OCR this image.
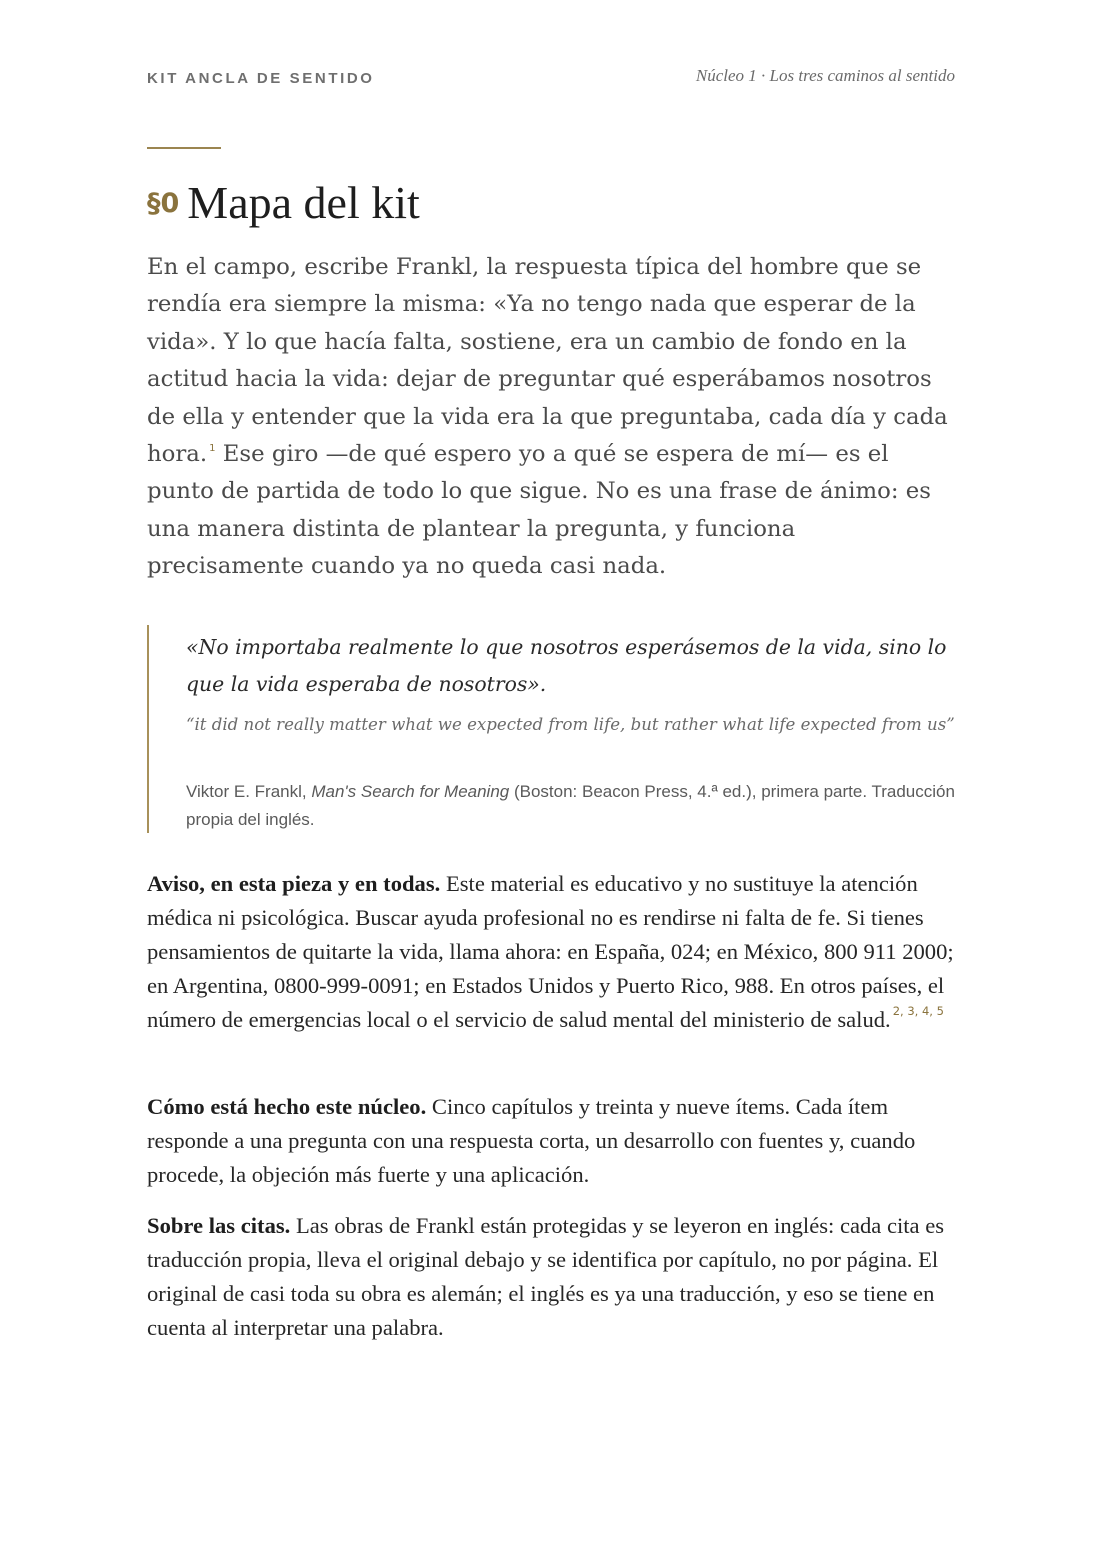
KIT ANCLA DE SENTIDO	Núcleo 1 · Los tres caminos al sentido
§0 Mapa del kit

En el campo, escribe Frankl, la respuesta típica del hombre que se rendía era siempre la misma: «Ya no tengo nada que esperar de la vida». Y lo que hacía falta, sostiene, era un cambio de fondo en la actitud hacia la vida: dejar de preguntar qué esperábamos nosotros de ella y entender que la vida era la que preguntaba, cada día y cada hora. $^1$ Ese giro —de qué espero yo a qué se espera de mí— es el punto de partida de todo lo que sigue. No es una frase de ánimo: es una manera distinta de plantear la pregunta, y funciona precisamente cuando ya no queda casi nada.

«No importaba realmente lo que nosotros esperásemos de la vida, sino lo que la vida esperaba de nosotros».

“it did not really matter what we expected from life, but rather what life expected from us”

Viktor E. Frankl, Man's Search for Meaning (Boston: Beacon Press, 4.ª ed.), primera parte. Traducción propia del inglés.

Aviso, en esta pieza y en todas. Este material es educativo y no sustituye la atención médica ni psicológica. Buscar ayuda profesional no es rendirse ni falta de fe. Si tienes pensamientos de quitarte la vida, llama ahora: en España, 024; en México, 800 911 2000; en Argentina, 0800-999-0091; en Estados Unidos y Puerto Rico, 988. En otros países, el número de emergencias local o el servicio de salud mental del ministerio de salud. $^{2, 3, 4, 5}$

Cómo está hecho este núcleo. Cinco capítulos y treinta y nueve ítems. Cada ítem responde a una pregunta con una respuesta corta, un desarrollo con fuentes y, cuando procede, la objeción más fuerte y una aplicación.

Sobre las citas. Las obras de Frankl están protegidas y se leyeron en inglés: cada cita es traducción propia, lleva el original debajo y se identifica por capítulo, no por página. El original de casi toda su obra es alemán; el inglés es ya una traducción, y eso se tiene en cuenta al interpretar una palabra.
